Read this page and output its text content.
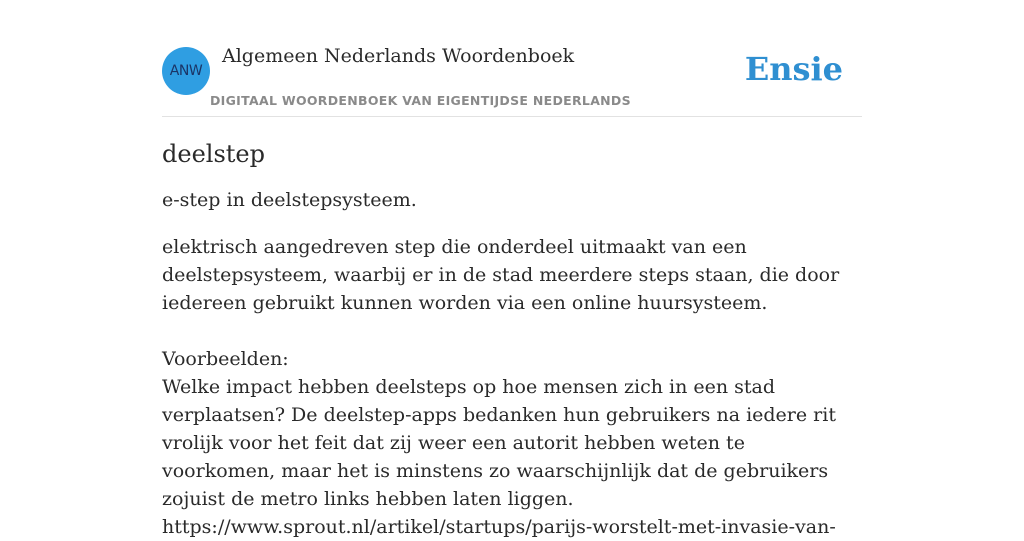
ANW
Algemeen Nederlands Woordenboek
DIGITAAL WOORDENBOEK VAN EIGENTIJDSE NEDERLANDS
Ensie
deelstep

e-step in deelstepsysteem.

elektrisch aangedreven step die onderdeel uitmaakt van een deelstepsysteem, waarbij er in de stad meerdere steps staan, die door iedereen gebruikt kunnen worden via een online huursysteem.

Voorbeelden:

Welke impact hebben deelsteps op hoe mensen zich in een stad verplaatsen? De deelstep-apps bedanken hun gebruikers na iedere rit vrolijk voor het feit dat zij weer een autorit hebben weten te voorkomen, maar het is minstens zo waarschijnlijk dat de gebruikers zojuist de metro links hebben laten liggen.

https://www.sprout.nl/artikel/startups/parijs-worstelt-met-invasie-van-
